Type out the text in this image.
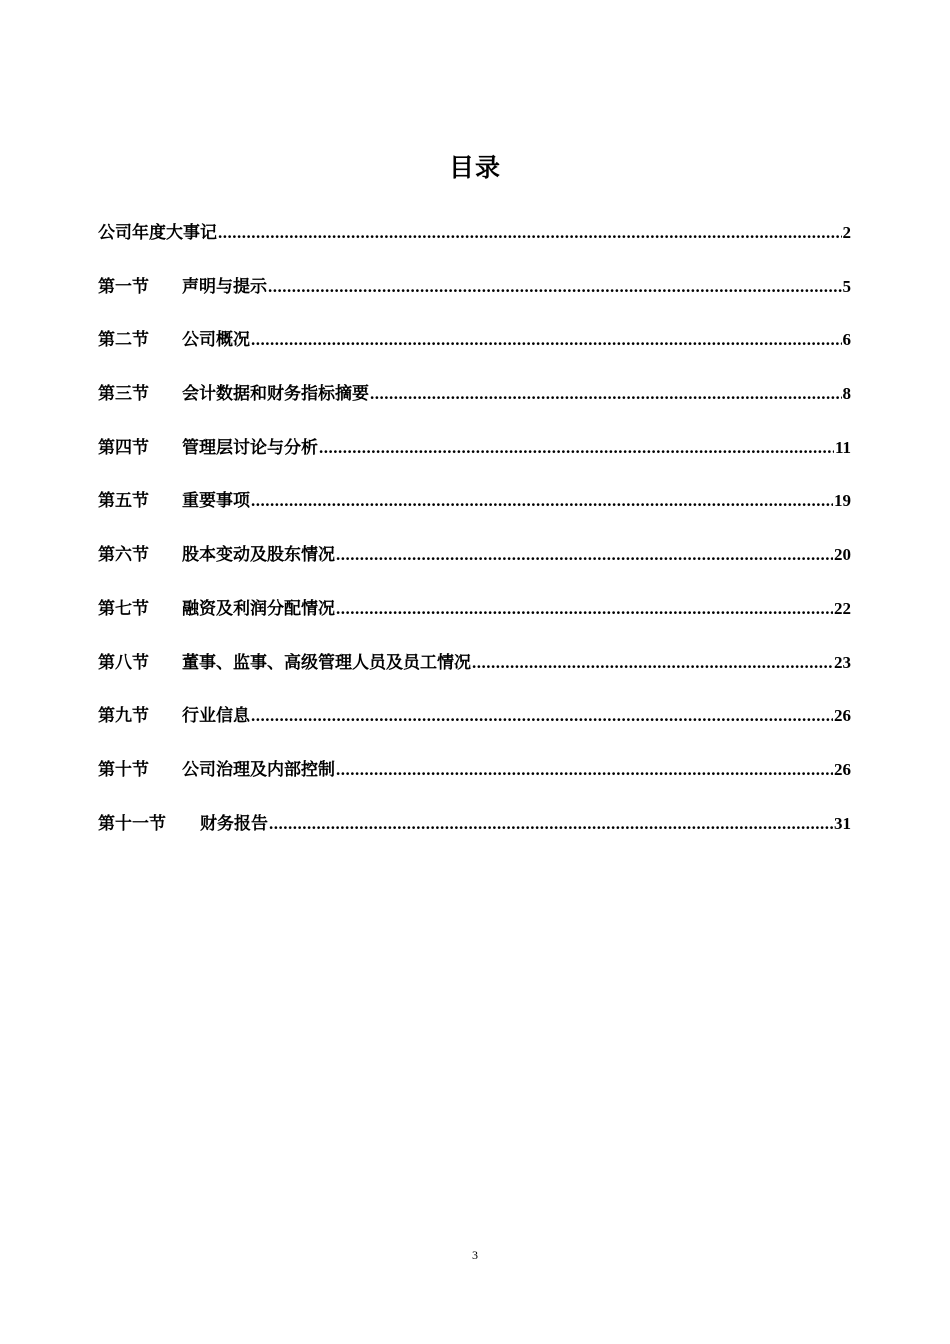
目录
公司年度大事记 .....	2
第一节	声明与提示 .....	5
第二节	公司概况 .....	6
第三节	会计数据和财务指标摘要 .....	8
第四节	管理层讨论与分析 .....	11
第五节	重要事项 .....	19
第六节	股本变动及股东情况 .....	20
第七节	融资及利润分配情况 .....	22
第八节	董事、监事、高级管理人员及员工情况 .....	23
第九节	行业信息 .....	26
第十节	公司治理及内部控制 .....	26
第十一节	财务报告 .....	31
3
